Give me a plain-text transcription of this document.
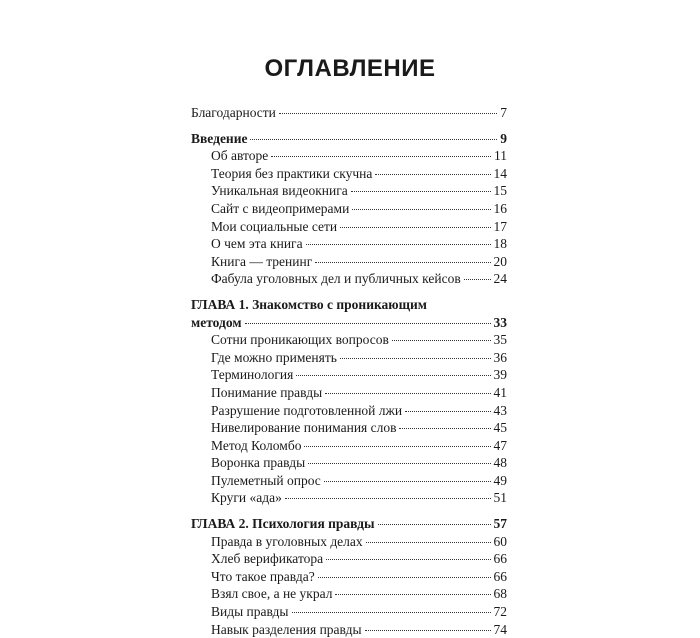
ОГЛАВЛЕНИЕ
Благодарности	7
Введение	9
Об авторе	11
Теория без практики скучна	14
Уникальная видеокнига	15
Сайт с видеопримерами	16
Мои социальные сети	17
О чем эта книга	18
Книга — тренинг	20
Фабула уголовных дел и публичных кейсов 24
ГЛАВА 1. Знакомство с проникающим
методом	33
Сотни проникающих вопросов	35
Где можно применять	36
Терминология	39
Понимание правды	41
Разрушение подготовленной лжи	43
Нивелирование понимания слов	45
Метод Коломбо	47
Воронка правды	48
Пулеметный опрос	49
Круги «ада»	51
ГЛАВА 2. Психология правды	57
Правда в уголовных делах	60
Хлеб верификатора	66
Что такое правда?	66
Взял свое, а не украл	68
Виды правды	72
Навык разделения правды	74
